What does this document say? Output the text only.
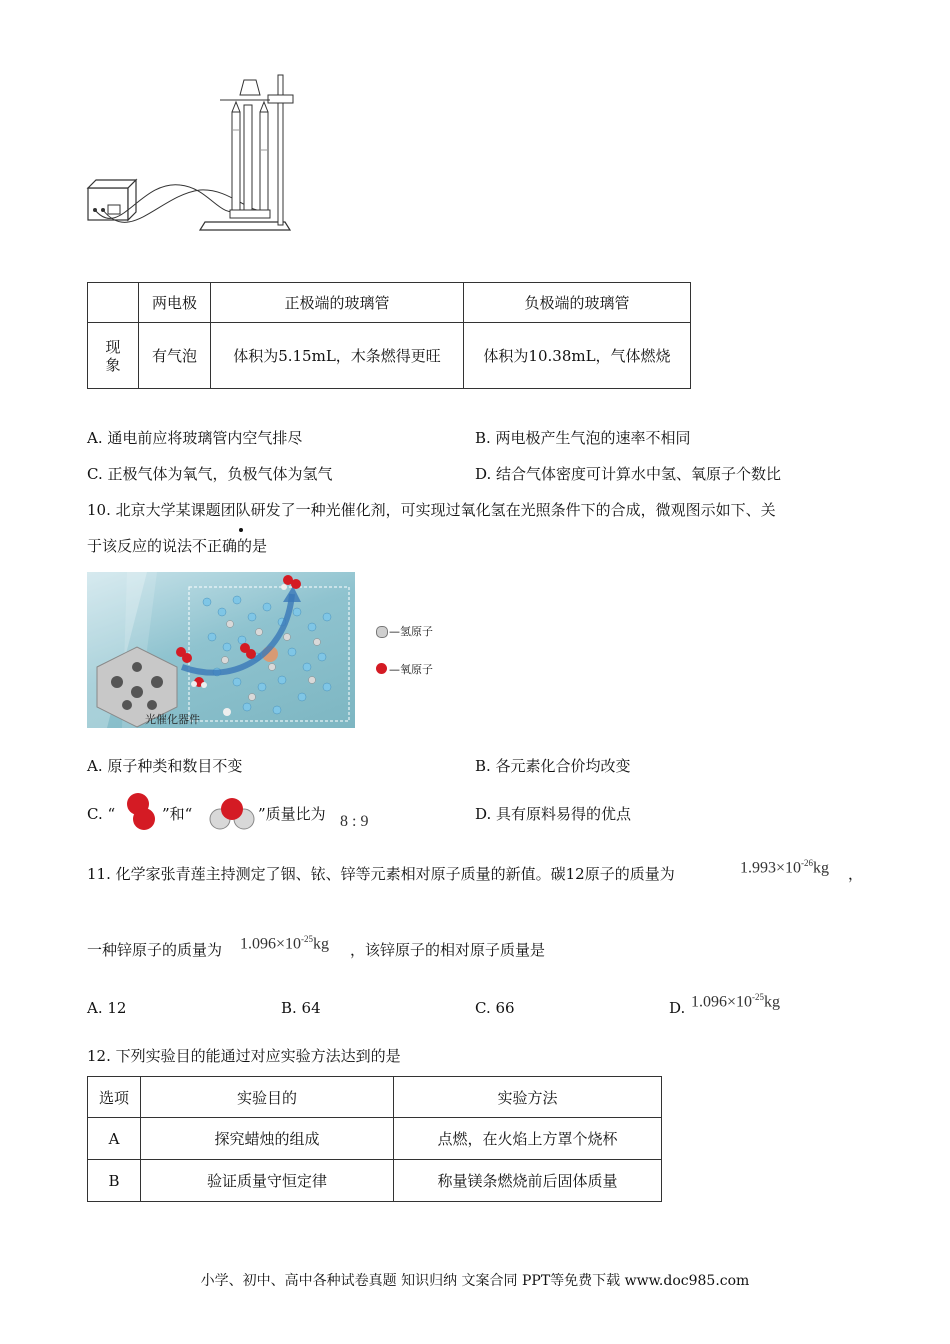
	两电极	正极端的玻璃管	负极端的玻璃管
现象	有气泡	体积为5.15mL，木条燃得更旺	体积为10.38mL，气体燃烧
A. 通电前应将玻璃管内空气排尽	B. 两电极产生气泡的速率不相同
C. 正极气体为氧气，负极气体为氢气	D. 结合气体密度可计算水中氢、氧原子个数比
10. 北京大学某课题团队研发了一种光催化剂，可实现过氧化氢在光照条件下的合成，微观图示如下、关
于该反应的说法不正确的是
光催化器件
—氢原子
—氧原子
A. 原子种类和数目不变	B. 各元素化合价均改变
C. “	”和“	”质量比为 8 : 9	D. 具有原料易得的优点
11. 化学家张青莲主持测定了铟、铱、锌等元素相对原子质量的新值。碳12原子的质量为	$1.993\times 10^{-26}kg$ ，
一种锌原子的质量为 $1.096\times 10^{-25}kg$ ，该锌原子的相对原子质量是
A. 12	B. 64	C. 66	D. $1.096\times 10^{-25}kg$
12. 下列实验目的能通过对应实验方法达到的是
选项	实验目的	实验方法
A	探究蜡烛的组成	点燃，在火焰上方罩个烧杯
B	验证质量守恒定律	称量镁条燃烧前后固体质量
小学、初中、高中各种试卷真题 知识归纳 文案合同 PPT等免费下载 www.doc985.com
